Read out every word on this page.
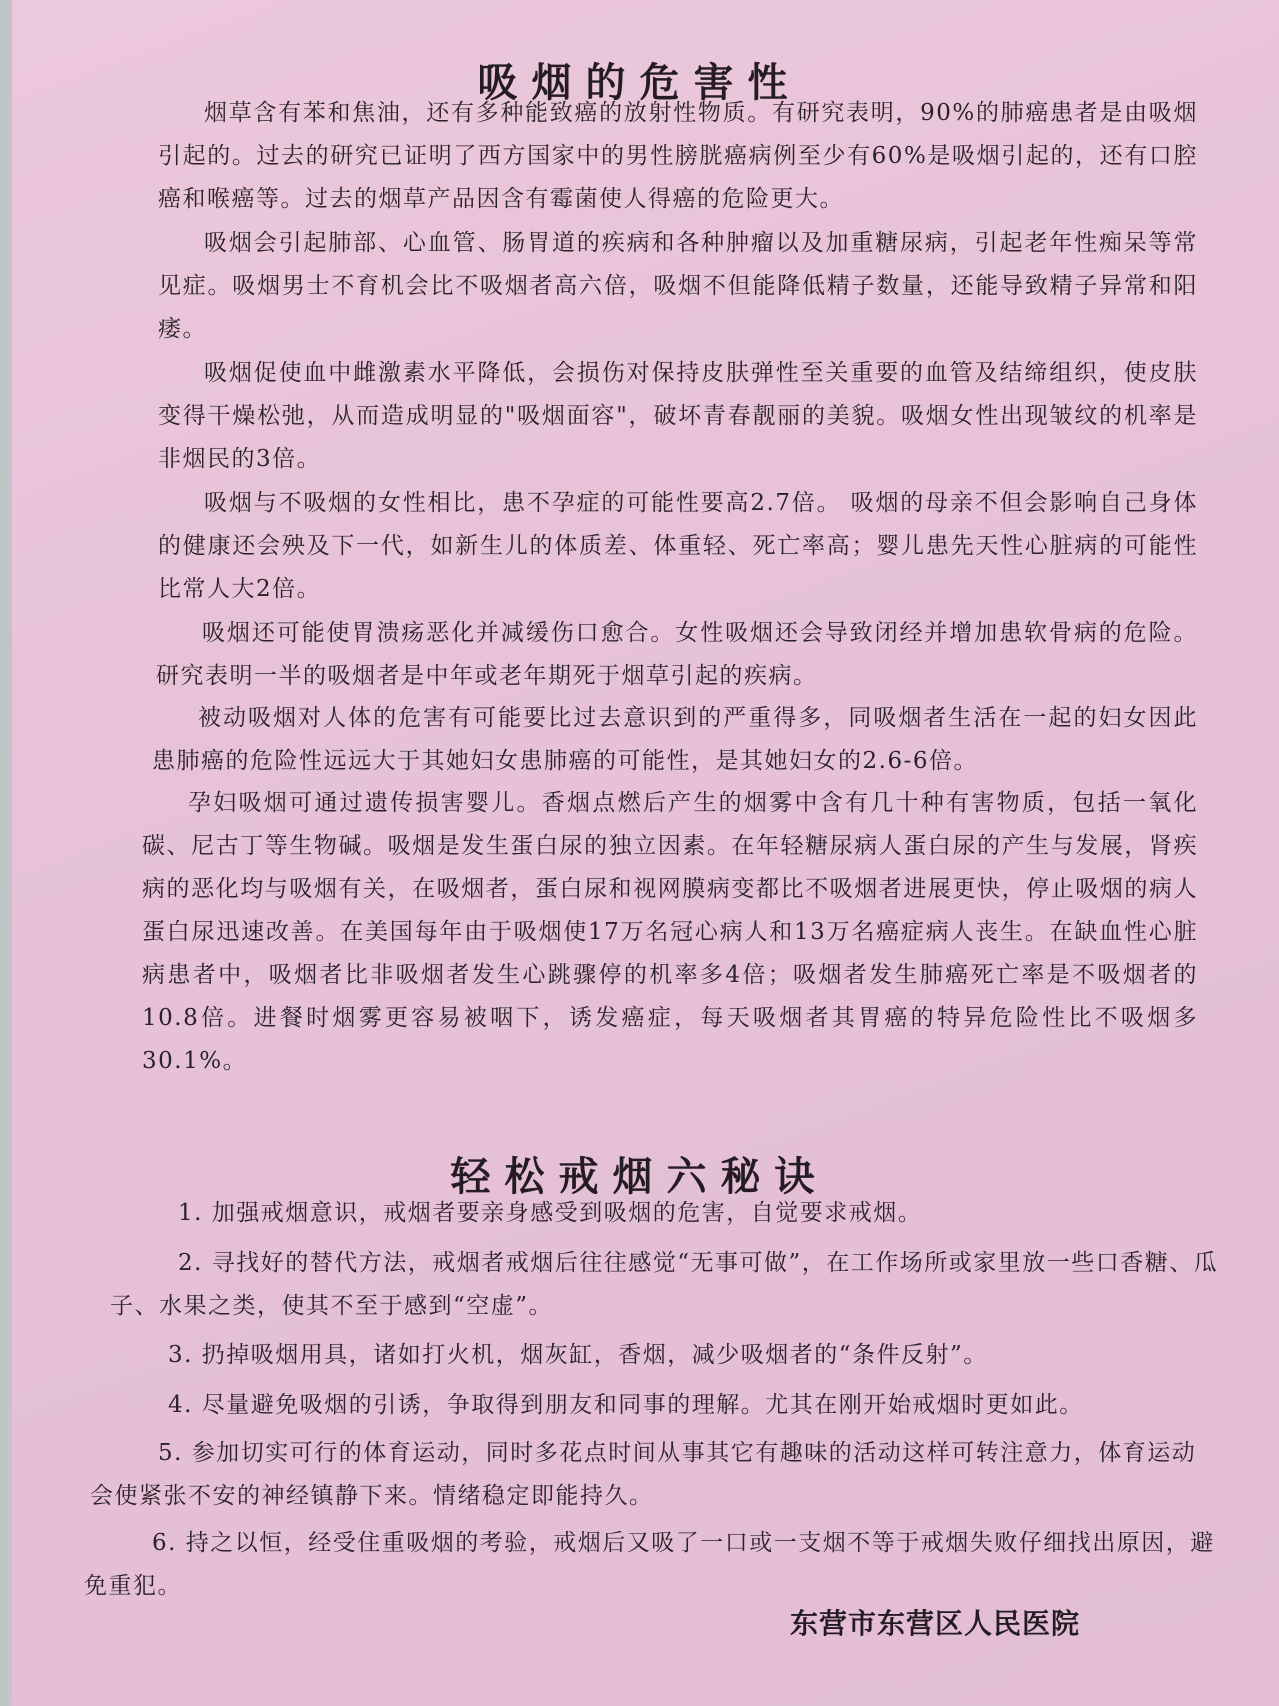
吸烟的危害性

烟草含有苯和焦油，还有多种能致癌的放射性物质。有研究表明，90%的肺癌患者是由吸烟引起的。过去的研究已证明了西方国家中的男性膀胱癌病例至少有60%是吸烟引起的，还有口腔癌和喉癌等。过去的烟草产品因含有霉菌使人得癌的危险更大。

吸烟会引起肺部、心血管、肠胃道的疾病和各种肿瘤以及加重糖尿病，引起老年性痴呆等常见症。吸烟男士不育机会比不吸烟者高六倍，吸烟不但能降低精子数量，还能导致精子异常和阳痿。

吸烟促使血中雌激素水平降低，会损伤对保持皮肤弹性至关重要的血管及结缔组织，使皮肤变得干燥松弛，从而造成明显的"吸烟面容"，破坏青春靓丽的美貌。吸烟女性出现皱纹的机率是非烟民的3倍。

吸烟与不吸烟的女性相比，患不孕症的可能性要高2.7倍。 吸烟的母亲不但会影响自己身体的健康还会殃及下一代，如新生儿的体质差、体重轻、死亡率高；婴儿患先天性心脏病的可能性比常人大2倍。

吸烟还可能使胃溃疡恶化并减缓伤口愈合。女性吸烟还会导致闭经并增加患软骨病的危险。研究表明一半的吸烟者是中年或老年期死于烟草引起的疾病。

被动吸烟对人体的危害有可能要比过去意识到的严重得多，同吸烟者生活在一起的妇女因此患肺癌的危险性远远大于其她妇女患肺癌的可能性，是其她妇女的2.6-6倍。

孕妇吸烟可通过遗传损害婴儿。香烟点燃后产生的烟雾中含有几十种有害物质，包括一氧化碳、尼古丁等生物碱。吸烟是发生蛋白尿的独立因素。在年轻糖尿病人蛋白尿的产生与发展，肾疾病的恶化均与吸烟有关，在吸烟者，蛋白尿和视网膜病变都比不吸烟者进展更快，停止吸烟的病人蛋白尿迅速改善。在美国每年由于吸烟使17万名冠心病人和13万名癌症病人丧生。在缺血性心脏病患者中，吸烟者比非吸烟者发生心跳骤停的机率多4倍；吸烟者发生肺癌死亡率是不吸烟者的10.8倍。进餐时烟雾更容易被咽下，诱发癌症，每天吸烟者其胃癌的特异危险性比不吸烟多30.1%。

轻松戒烟六秘诀

1. 加强戒烟意识，戒烟者要亲身感受到吸烟的危害，自觉要求戒烟。

2. 寻找好的替代方法，戒烟者戒烟后往往感觉“无事可做”，在工作场所或家里放一些口香糖、瓜子、水果之类，使其不至于感到“空虚”。

3. 扔掉吸烟用具，诸如打火机，烟灰缸，香烟，减少吸烟者的“条件反射”。

4. 尽量避免吸烟的引诱，争取得到朋友和同事的理解。尤其在刚开始戒烟时更如此。

5. 参加切实可行的体育运动，同时多花点时间从事其它有趣味的活动这样可转注意力，体育运动会使紧张不安的神经镇静下来。情绪稳定即能持久。

6. 持之以恒，经受住重吸烟的考验，戒烟后又吸了一口或一支烟不等于戒烟失败仔细找出原因，避免重犯。

东营市东营区人民医院
